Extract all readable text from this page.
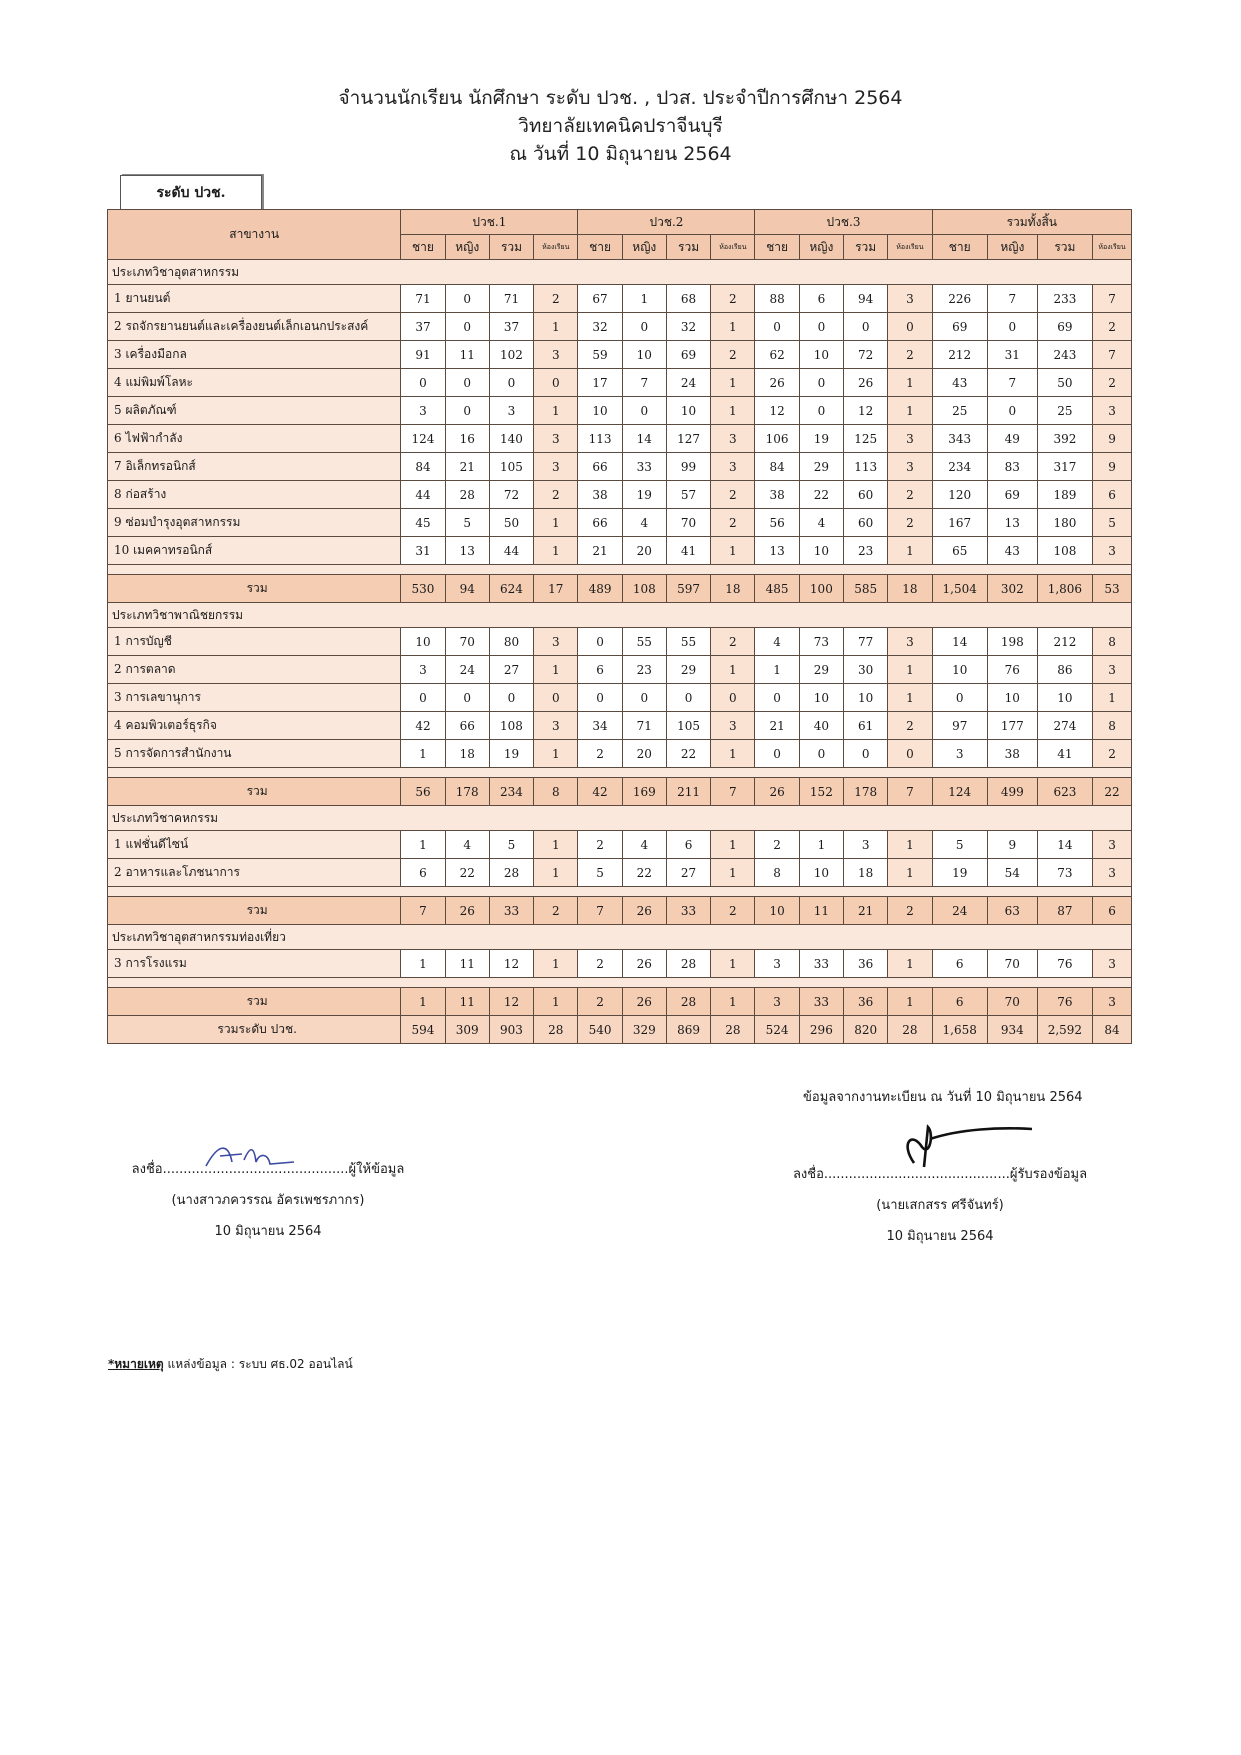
จำนวนนักเรียน นักศึกษา ระดับ ปวช. , ปวส. ประจำปีการศึกษา 2564
วิทยาลัยเทคนิคปราจีนบุรี
ณ วันที่ 10 มิถุนายน 2564
ระดับ ปวช.
สาขางาน	ปวช.1				ปวช.2				ปวช.3				รวมทั้งสิ้น			
	ชาย	หญิง	รวม	ห้องเรียน	ชาย	หญิง	รวม	ห้องเรียน	ชาย	หญิง	รวม	ห้องเรียน	ชาย	หญิง	รวม	ห้องเรียน
ประเภทวิชาอุตสาหกรรม																
1 ยานยนต์	71	0	71	2	67	1	68	2	88	6	94	3	226	7	233	7
2 รถจักรยานยนต์และเครื่องยนต์เล็กเอนกประสงค์	37	0	37	1	32	0	32	1	0	0	0	0	69	0	69	2
3 เครื่องมือกล	91	11	102	3	59	10	69	2	62	10	72	2	212	31	243	7
4 แม่พิมพ์โลหะ	0	0	0	0	17	7	24	1	26	0	26	1	43	7	50	2
5 ผลิตภัณฑ์	3	0	3	1	10	0	10	1	12	0	12	1	25	0	25	3
6 ไฟฟ้ากำลัง	124	16	140	3	113	14	127	3	106	19	125	3	343	49	392	9
7 อิเล็กทรอนิกส์	84	21	105	3	66	33	99	3	84	29	113	3	234	83	317	9
8 ก่อสร้าง	44	28	72	2	38	19	57	2	38	22	60	2	120	69	189	6
9 ซ่อมบำรุงอุตสาหกรรม	45	5	50	1	66	4	70	2	56	4	60	2	167	13	180	5
10 เมคคาทรอนิกส์	31	13	44	1	21	20	41	1	13	10	23	1	65	43	108	3

รวม	530	94	624	17	489	108	597	18	485	100	585	18	1,504	302	1,806	53
ประเภทวิชาพาณิชยกรรม																
1 การบัญชี	10	70	80	3	0	55	55	2	4	73	77	3	14	198	212	8
2 การตลาด	3	24	27	1	6	23	29	1	1	29	30	1	10	76	86	3
3 การเลขานุการ	0	0	0	0	0	0	0	0	0	10	10	1	0	10	10	1
4 คอมพิวเตอร์ธุรกิจ	42	66	108	3	34	71	105	3	21	40	61	2	97	177	274	8
5 การจัดการสำนักงาน	1	18	19	1	2	20	22	1	0	0	0	0	3	38	41	2

รวม	56	178	234	8	42	169	211	7	26	152	178	7	124	499	623	22
ประเภทวิชาคหกรรม																
1 แฟชั่นดีไซน์	1	4	5	1	2	4	6	1	2	1	3	1	5	9	14	3
2 อาหารและโภชนาการ	6	22	28	1	5	22	27	1	8	10	18	1	19	54	73	3

รวม	7	26	33	2	7	26	33	2	10	11	21	2	24	63	87	6
ประเภทวิชาอุตสาหกรรมท่องเที่ยว																
3 การโรงแรม	1	11	12	1	2	26	28	1	3	33	36	1	6	70	76	3

รวม	1	11	12	1	2	26	28	1	3	33	36	1	6	70	76	3
รวมระดับ ปวช.	594	309	903	28	540	329	869	28	524	296	820	28	1,658	934	2,592	84
ข้อมูลจากงานทะเบียน ณ วันที่ 10 มิถุนายน 2564
ลงชื่อ.............................................ผู้ให้ข้อมูล
(นางสาวภควรรณ อัครเพชรภากร)
10 มิถุนายน 2564
ลงชื่อ.............................................ผู้รับรองข้อมูล
(นายเสกสรร ศรีจันทร์)
10 มิถุนายน 2564
*หมายเหตุ แหล่งข้อมูล : ระบบ ศธ.02 ออนไลน์
